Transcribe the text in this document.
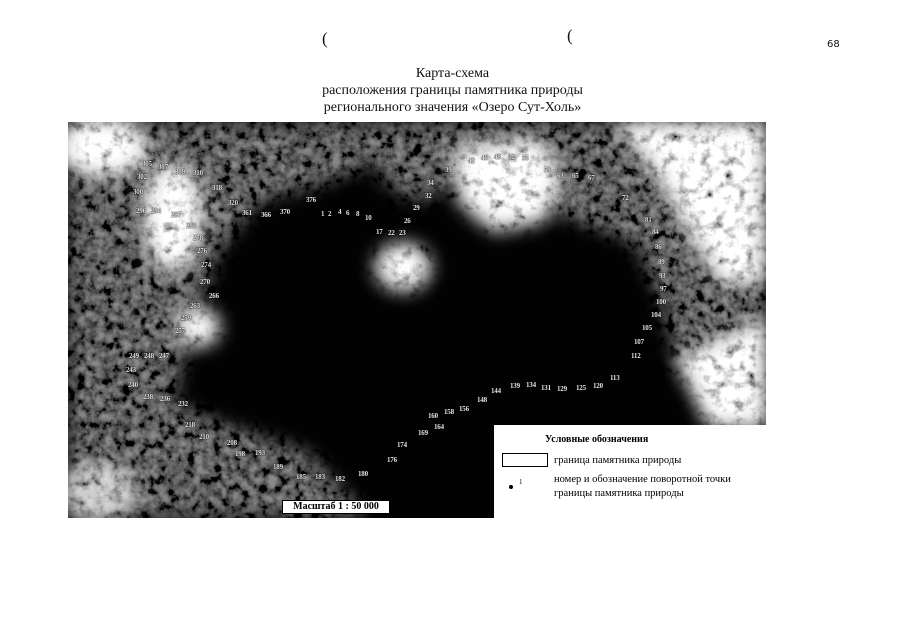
(	(	68
Карта-схема
расположения границы памятника природы
регионального значения «Озеро Сут-Холь»
305 307
309 310
302
300
296 294 287
283
278
276
274
270
266
263
259
257
249 248 247
243
240
238 236
232
218
210
208
198 193
189
185 183 182
180
176
174
169
164
160 158 156
148
144
139 134 131 129 125 120
113
112
107
105
104
100
97
93
89
86
84
81
72
67
65
63
59
55
52
48
46
42
39
34
32
29
26
23
22
17
10
8
6
4
2
1
376
370
366
361
320
318
Масштаб 1 : 50 000
Условные обозначения
граница памятника природы
1	номер и обозначение поворотной точки
границы памятника природы
